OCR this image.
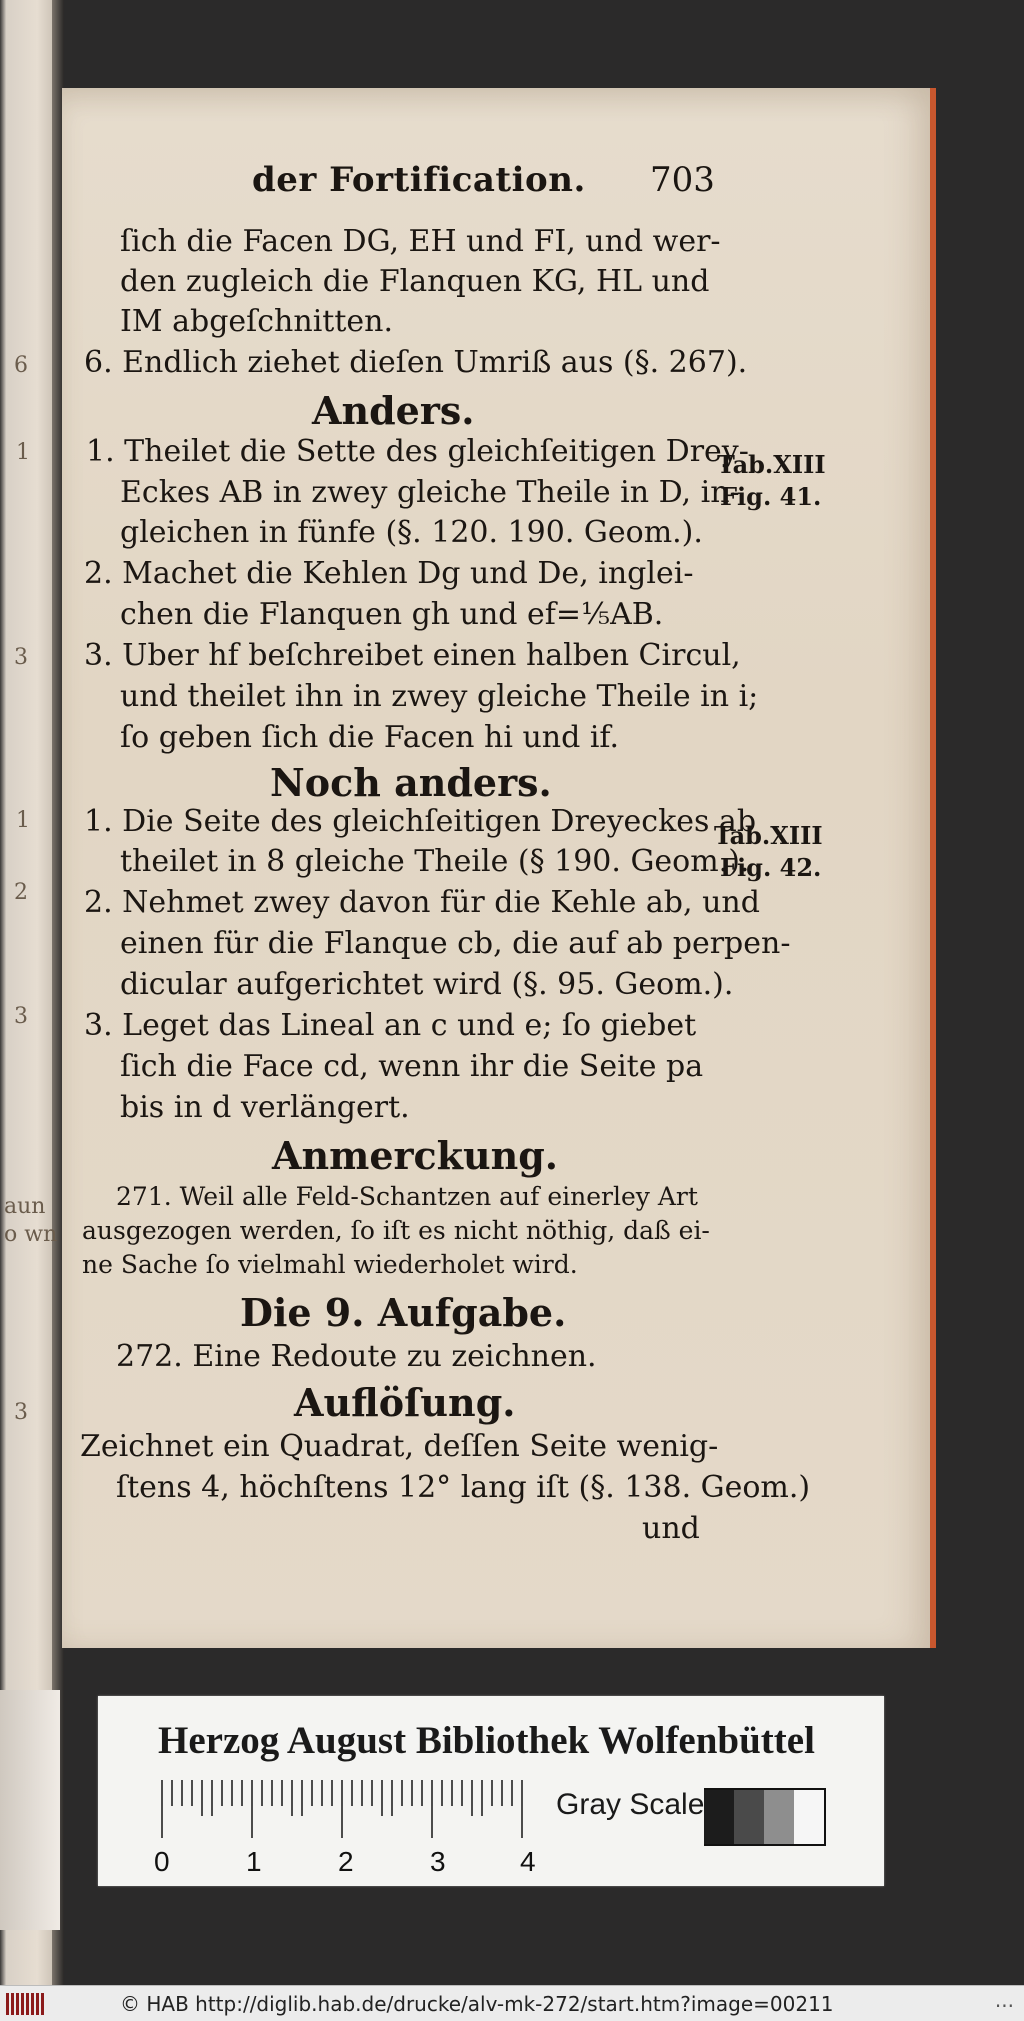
6
1
3
1
2
3
aun
o wn
3
der Fortification. 703
ſich die Facen DG, EH und FI, und wer-
den zugleich die Flanquen KG, HL und
IM abgeſchnitten.
6. Endlich ziehet dieſen Umriß aus (§. 267).
Anders.
1. Theilet die Sette des gleichſeitigen Drey-
Eckes AB in zwey gleiche Theile in D, in-
gleichen in fünfe (§. 120. 190. Geom.).
2. Machet die Kehlen Dg und De, inglei-
chen die Flanquen gh und ef=⅕AB.
3. Uber hf beſchreibet einen halben Circul,
und theilet ihn in zwey gleiche Theile in i;
ſo geben ſich die Facen hi und if.
Noch anders.
1. Die Seite des gleichſeitigen Dreyeckes ab
theilet in 8 gleiche Theile (§ 190. Geom.).
2. Nehmet zwey davon für die Kehle ab, und
einen für die Flanque cb, die auf ab perpen-
dicular aufgerichtet wird (§. 95. Geom.).
3. Leget das Lineal an c und e; ſo giebet
ſich die Face cd, wenn ihr die Seite pa
bis in d verlängert.
Anmerckung.
271. Weil alle Feld-Schantzen auf einerley Art
ausgezogen werden, ſo iſt es nicht nöthig, daß ei-
ne Sache ſo vielmahl wiederholet wird.
Die 9. Aufgabe.
272. Eine Redoute zu zeichnen.
Auflöſung.
Zeichnet ein Quadrat, deſſen Seite wenig-
ſtens 4, höchſtens 12° lang iſt (§. 138. Geom.)
und
Tab.XIII
Fig. 41.
Tab.XIII
Fig. 42.
Herzog August Bibliothek Wolfenbüttel
0	1	2	3	4
Gray Scale
© HAB http://diglib.hab.de/drucke/alv-mk-272/start.htm?image=00211	...
